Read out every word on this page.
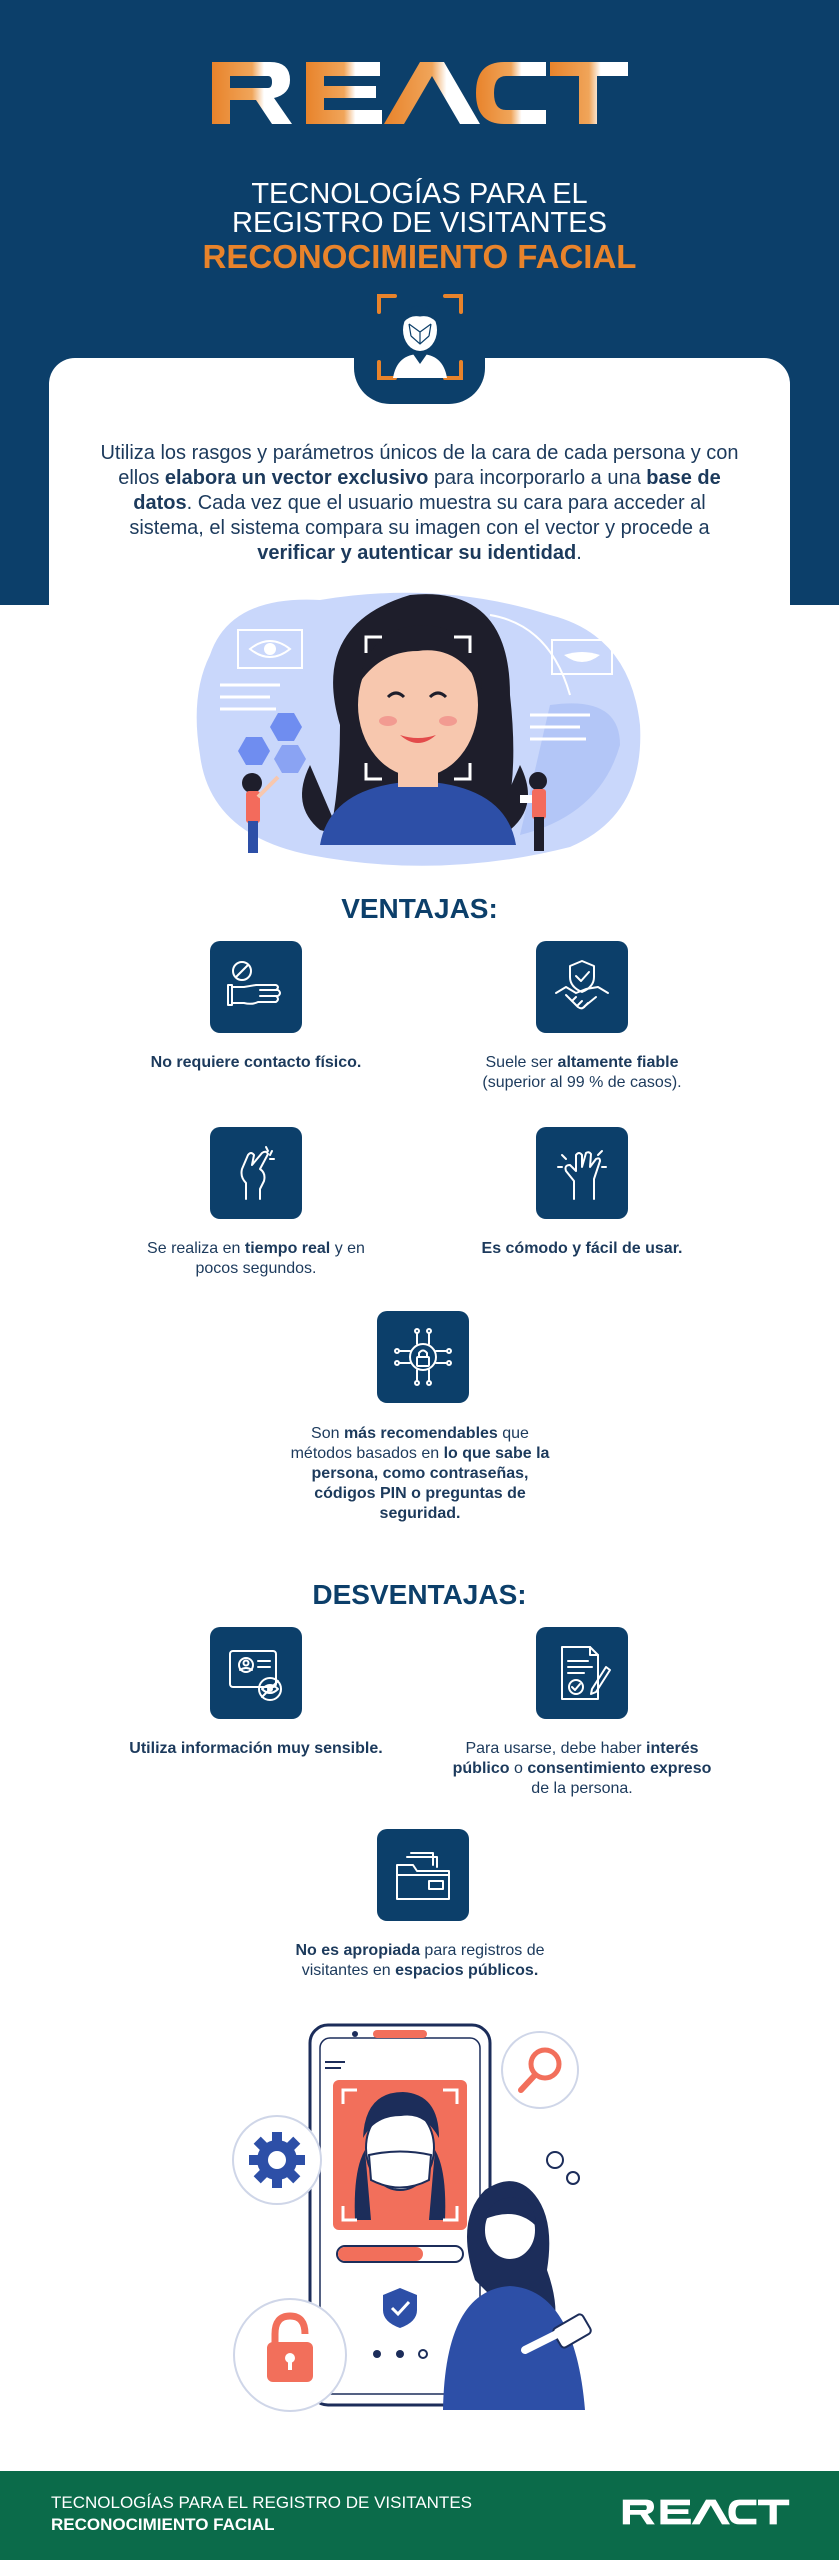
TECNOLOGÍAS PARA EL
REGISTRO DE VISITANTES
RECONOCIMIENTO FACIAL
Utiliza los rasgos y parámetros únicos de la cara de cada persona y con ellos elabora un vector exclusivo para incorporarlo a una base de datos. Cada vez que el usuario muestra su cara para acceder al sistema, el sistema compara su imagen con el vector y procede a verificar y autenticar su identidad.
VENTAJAS:
No requiere contacto físico.	Suele ser altamente fiable
(superior al 99 % de casos).
Se realiza en tiempo real y en pocos segundos.
Es cómodo y fácil de usar.
Son más recomendables que métodos basados en lo que sabe la persona, como contraseñas, códigos PIN o preguntas de seguridad.
DESVENTAJAS:
Utiliza información muy sensible.	Para usarse, debe haber interés público o consentimiento expreso de la persona.
No es apropiada para registros de visitantes en espacios públicos.
TECNOLOGÍAS PARA EL REGISTRO DE VISITANTES
RECONOCIMIENTO FACIAL
